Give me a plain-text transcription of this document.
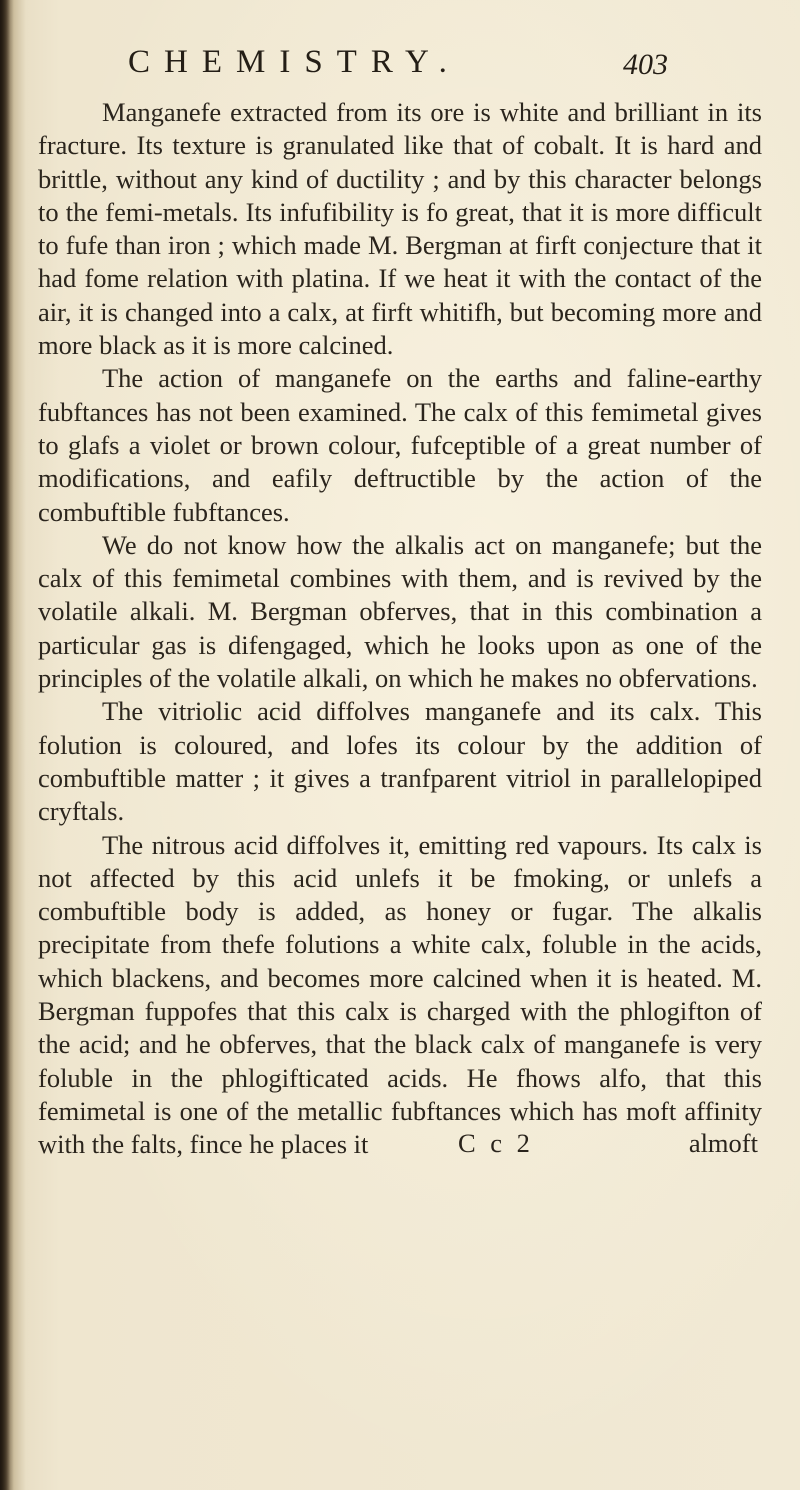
CHEMISTRY.	403

Manganefe extracted from its ore is white and brilliant in its fracture. Its texture is granulated like that of cobalt. It is hard and brittle, without any kind of ductility ; and by this character belongs to the femi-metals. Its infufibility is fo great, that it is more difficult to fufe than iron ; which made M. Bergman at firft conjecture that it had fome relation with platina. If we heat it with the contact of the air, it is changed into a calx, at firft whitifh, but becoming more and more black as it is more calcined.

The action of manganefe on the earths and faline-earthy fubftances has not been examined. The calx of this femimetal gives to glafs a violet or brown colour, fufceptible of a great number of modifications, and eafily deftructible by the action of the combuftible fubftances.

We do not know how the alkalis act on manganefe; but the calx of this femimetal combines with them, and is revived by the volatile alkali. M. Bergman obferves, that in this combination a particular gas is difengaged, which he looks upon as one of the principles of the volatile alkali, on which he makes no obfervations.

The vitriolic acid diffolves manganefe and its calx. This folution is coloured, and lofes its colour by the addition of combuftible matter ; it gives a tranfparent vitriol in parallelopiped cryftals.

The nitrous acid diffolves it, emitting red vapours. Its calx is not affected by this acid unlefs it be fmoking, or unlefs a combuftible body is added, as honey or fugar. The alkalis precipitate from thefe folutions a white calx, foluble in the acids, which blackens, and becomes more calcined when it is heated. M. Bergman fuppofes that this calx is charged with the phlogifton of the acid; and he obferves, that the black calx of manganefe is very foluble in the phlogifticated acids. He fhows alfo, that this femimetal is one of the metallic fubftances which has moft affinity with the falts, fince he places it	C c 2	almoft
